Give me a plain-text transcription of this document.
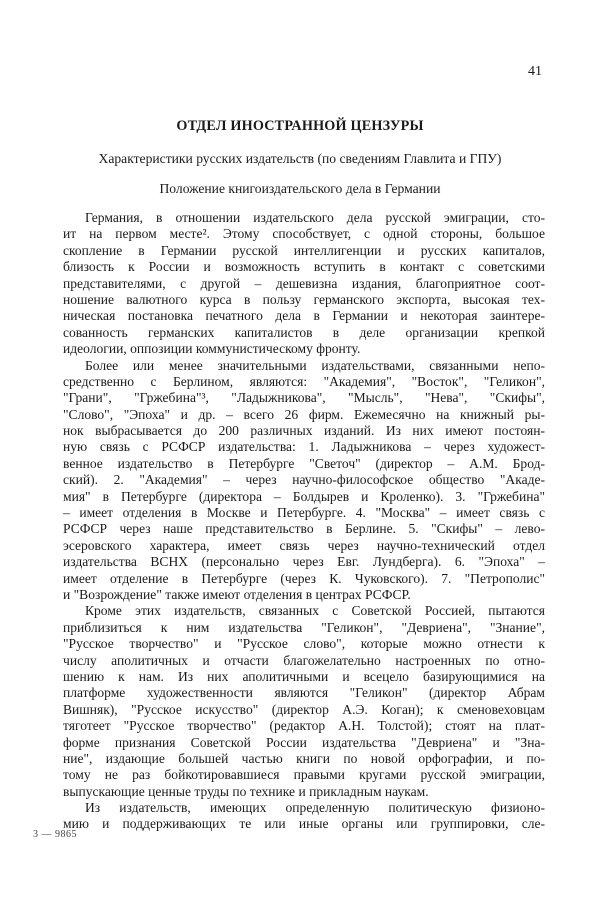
41
ОТДЕЛ ИНОСТРАННОЙ ЦЕНЗУРЫ
Характеристики русских издательств (по сведениям Главлита и ГПУ)
Положение книгоиздательского дела в Германии
Германия, в отношении издательского дела русской эмиграции, сто-
ит на первом месте². Этому способствует, с одной стороны, большое
скопление в Германии русской интеллигенции и русских капиталов,
близость к России и возможность вступить в контакт с советскими
представителями, с другой – дешевизна издания, благоприятное соот-
ношение валютного курса в пользу германского экспорта, высокая тех-
ническая постановка печатного дела в Германии и некоторая заинтере-
сованность германских капиталистов в деле организации крепкой
идеологии, оппозиции коммунистическому фронту.
Более или менее значительными издательствами, связанными непо-
средственно с Берлином, являются: "Академия", "Восток", "Геликон",
"Грани", "Гржебина"³, "Ладыжникова", "Мысль", "Нева", "Скифы",
"Слово", "Эпоха" и др. – всего 26 фирм. Ежемесячно на книжный ры-
нок выбрасывается до 200 различных изданий. Из них имеют постоян-
ную связь с РСФСР издательства: 1. Ладыжникова – через художест-
венное издательство в Петербурге "Светоч" (директор – А.М. Брод-
ский). 2. "Академия" – через научно-философское общество "Акаде-
мия" в Петербурге (директора – Болдырев и Кроленко). 3. "Гржебина"
– имеет отделения в Москве и Петербурге. 4. "Москва" – имеет связь с
РСФСР через наше представительство в Берлине. 5. "Скифы" – лево-
эсеровского характера, имеет связь через научно-технический отдел
издательства ВСНХ (персонально через Евг. Лундберга). 6. "Эпоха" –
имеет отделение в Петербурге (через К. Чуковского). 7. "Петрополис"
и "Возрождение" также имеют отделения в центрах РСФСР.
Кроме этих издательств, связанных с Советской Россией, пытаются
приблизиться к ним издательства "Геликон", "Девриена", "Знание",
"Русское творчество" и "Русское слово", которые можно отнести к
числу аполитичных и отчасти благожелательно настроенных по отно-
шению к нам. Из них аполитичными и всецело базирующимися на
платформе художественности являются "Геликон" (директор Абрам
Вишняк), "Русское искусство" (директор А.Э. Коган); к сменовеховцам
тяготеет "Русское творчество" (редактор А.Н. Толстой); стоят на плат-
форме признания Советской России издательства "Девриена" и "Зна-
ние", издающие большей частью книги по новой орфографии, и по-
тому не раз бойкотировавшиеся правыми кругами русской эмиграции,
выпускающие ценные труды по технике и прикладным наукам.
Из издательств, имеющих определенную политическую физионо-
мию и поддерживающих те или иные органы или группировки, сле-
3 — 9865
